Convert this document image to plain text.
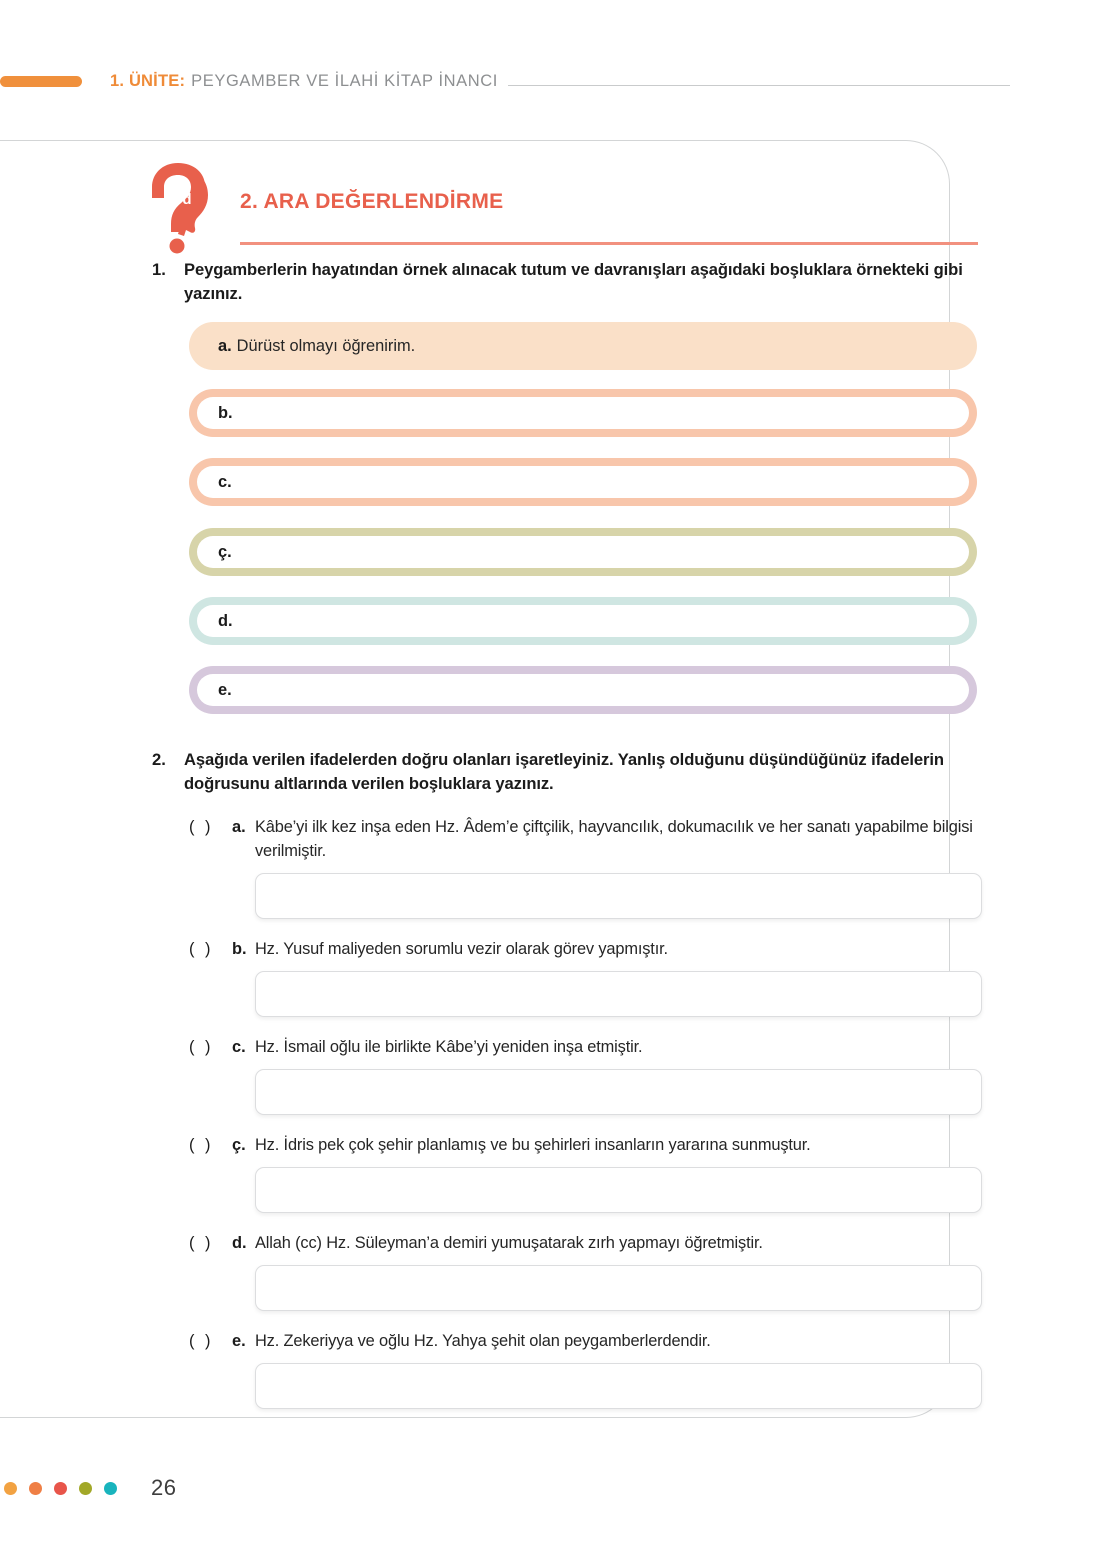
1. ÜNİTE: PEYGAMBER VE İLAHİ KİTAP İNANCI
ab
cd 2. ARA DEĞERLENDİRME
1.	Peygamberlerin hayatından örnek alınacak tutum ve davranışları aşağıdaki boşluklara örnekteki gibi yazınız.
a. Dürüst olmayı öğrenirim.
b.
c.
ç.
d.
e.
2.	Aşağıda verilen ifadelerden doğru olanları işaretleyiniz. Yanlış olduğunu düşündüğünüz ifadelerin doğrusunu altlarında verilen boşluklara yazınız.
( )	a. Kâbe’yi ilk kez inşa eden Hz. Âdem’e çiftçilik, hayvancılık, dokumacılık ve her sanatı yapabilme bilgisi verilmiştir.
( )	b. Hz. Yusuf maliyeden sorumlu vezir olarak görev yapmıştır.
( )	c. Hz. İsmail oğlu ile birlikte Kâbe’yi yeniden inşa etmiştir.
( )	ç. Hz. İdris pek çok şehir planlamış ve bu şehirleri insanların yararına sunmuştur.
( )	d. Allah (cc) Hz. Süleyman’a demiri yumuşatarak zırh yapmayı öğretmiştir.
( )	e. Hz. Zekeriyya ve oğlu Hz. Yahya şehit olan peygamberlerdendir.
26
